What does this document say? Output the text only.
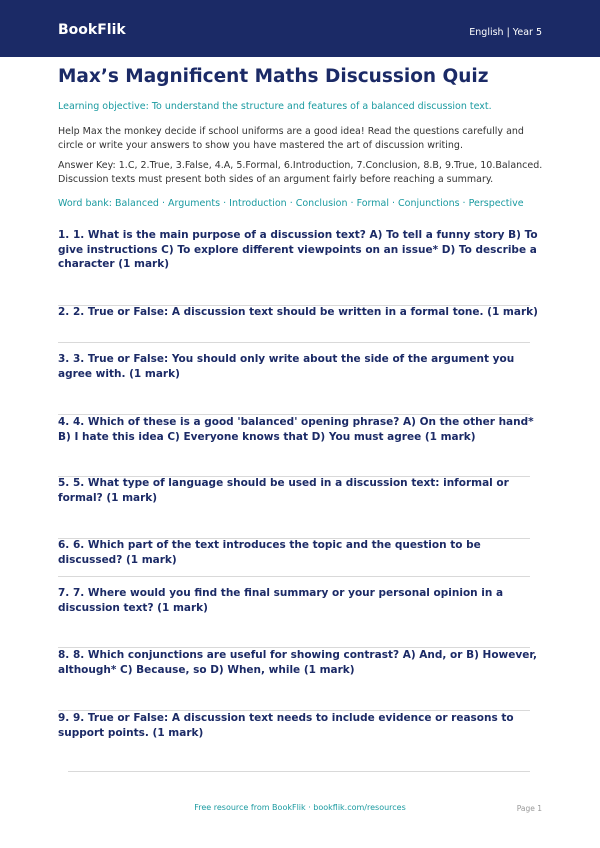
BookFlik	English | Year 5
Max’s Magnificent Maths Discussion Quiz
Learning objective: To understand the structure and features of a balanced discussion text.
Help Max the monkey decide if school uniforms are a good idea! Read the questions carefully and circle or write your answers to show you have mastered the art of discussion writing.
Answer Key: 1.C, 2.True, 3.False, 4.A, 5.Formal, 6.Introduction, 7.Conclusion, 8.B, 9.True, 10.Balanced. Discussion texts must present both sides of an argument fairly before reaching a summary.
Word bank: Balanced · Arguments · Introduction · Conclusion · Formal · Conjunctions · Perspective
1. 1. What is the main purpose of a discussion text? A) To tell a funny story B) To give instructions C) To explore different viewpoints on an issue* D) To describe a character (1 mark)
2. 2. True or False: A discussion text should be written in a formal tone. (1 mark)
3. 3. True or False: You should only write about the side of the argument you agree with. (1 mark)
4. 4. Which of these is a good 'balanced' opening phrase? A) On the other hand* B) I hate this idea C) Everyone knows that D) You must agree (1 mark)
5. 5. What type of language should be used in a discussion text: informal or formal? (1 mark)
6. 6. Which part of the text introduces the topic and the question to be discussed? (1 mark)
7. 7. Where would you find the final summary or your personal opinion in a discussion text? (1 mark)
8. 8. Which conjunctions are useful for showing contrast? A) And, or B) However, although* C) Because, so D) When, while (1 mark)
9. 9. True or False: A discussion text needs to include evidence or reasons to support points. (1 mark)
Free resource from BookFlik · bookflik.com/resources	Page 1
